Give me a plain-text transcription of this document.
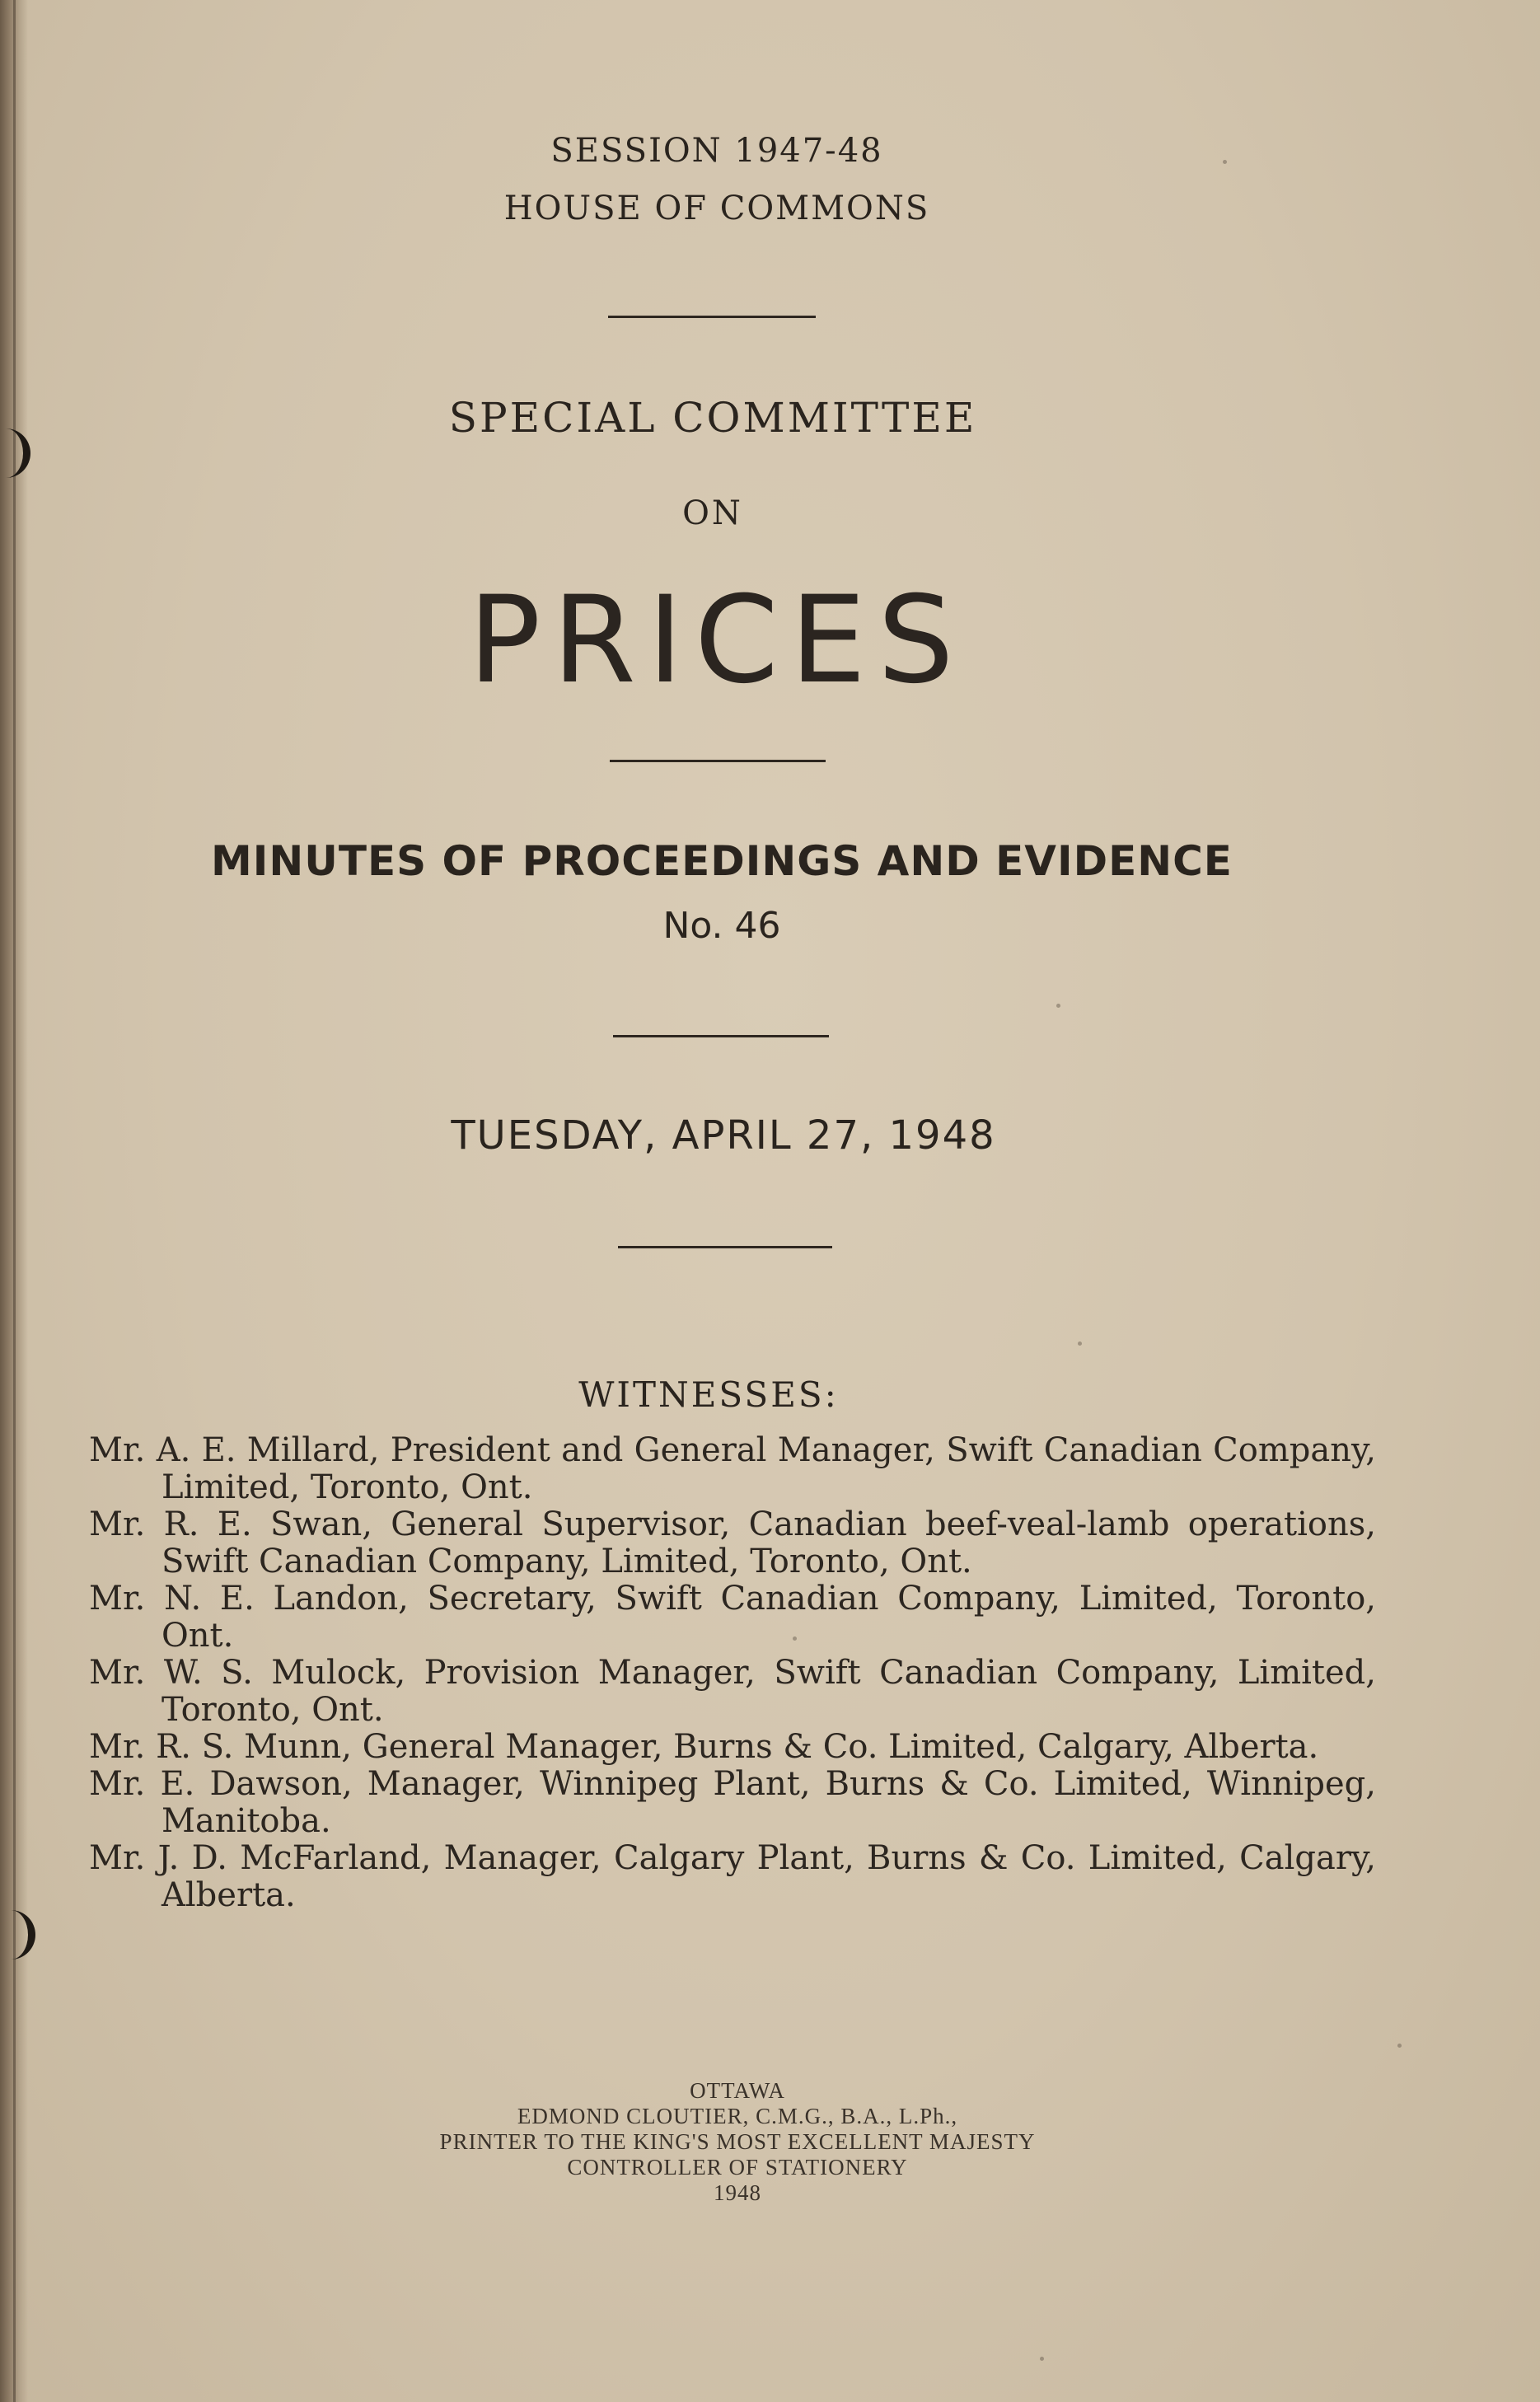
SESSION 1947-48
HOUSE OF COMMONS
SPECIAL COMMITTEE
ON
PRICES
MINUTES OF PROCEEDINGS AND EVIDENCE
No. 46
TUESDAY, APRIL 27, 1948
WITNESSES:

Mr. A. E. Millard, President and General Manager, Swift Canadian Company, Limited, Toronto, Ont.

Mr. R. E. Swan, General Supervisor, Canadian beef-veal-lamb operations, Swift Canadian Company, Limited, Toronto, Ont.

Mr. N. E. Landon, Secretary, Swift Canadian Company, Limited, Toronto, Ont.

Mr. W. S. Mulock, Provision Manager, Swift Canadian Company, Limited, Toronto, Ont.

Mr. R. S. Munn, General Manager, Burns & Co. Limited, Calgary, Alberta.

Mr. E. Dawson, Manager, Winnipeg Plant, Burns & Co. Limited, Winnipeg, Manitoba.

Mr. J. D. McFarland, Manager, Calgary Plant, Burns & Co. Limited, Calgary, Alberta.

OTTAWA
EDMOND CLOUTIER, C.M.G., B.A., L.Ph.,
PRINTER TO THE KING'S MOST EXCELLENT MAJESTY
CONTROLLER OF STATIONERY
1948
